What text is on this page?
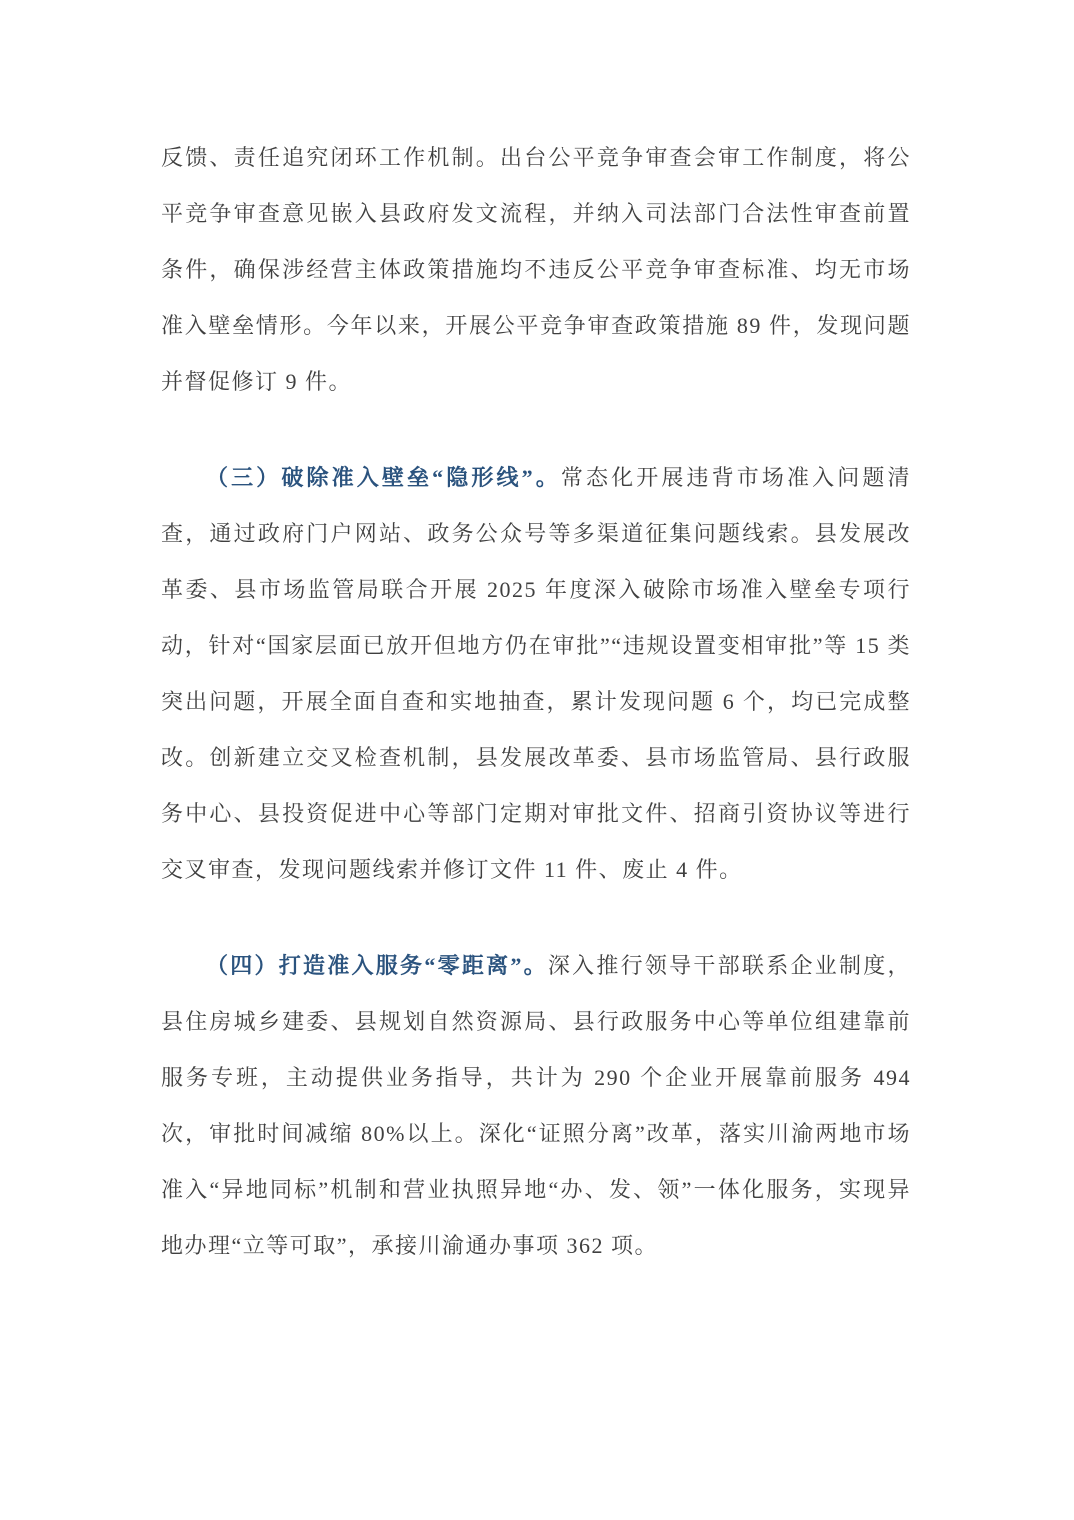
反馈、责任追究闭环工作机制。出台公平竞争审查会审工作制度，将公平竞争审查意见嵌入县政府发文流程，并纳入司法部门合法性审查前置条件，确保涉经营主体政策措施均不违反公平竞争审查标准、均无市场准入壁垒情形。今年以来，开展公平竞争审查政策措施 89 件，发现问题并督促修订 9 件。

（三）破除准入壁垒“隐形线”。常态化开展违背市场准入问题清查，通过政府门户网站、政务公众号等多渠道征集问题线索。县发展改革委、县市场监管局联合开展 2025 年度深入破除市场准入壁垒专项行动，针对“国家层面已放开但地方仍在审批”“违规设置变相审批”等 15 类突出问题，开展全面自查和实地抽查，累计发现问题 6 个，均已完成整改。创新建立交叉检查机制，县发展改革委、县市场监管局、县行政服务中心、县投资促进中心等部门定期对审批文件、招商引资协议等进行交叉审查，发现问题线索并修订文件 11 件、废止 4 件。

（四）打造准入服务“零距离”。深入推行领导干部联系企业制度，县住房城乡建委、县规划自然资源局、县行政服务中心等单位组建靠前服务专班，主动提供业务指导，共计为 290 个企业开展靠前服务 494 次，审批时间减缩 80%以上。深化“证照分离”改革，落实川渝两地市场准入“异地同标”机制和营业执照异地“办、发、领”一体化服务，实现异地办理“立等可取”，承接川渝通办事项 362 项。
